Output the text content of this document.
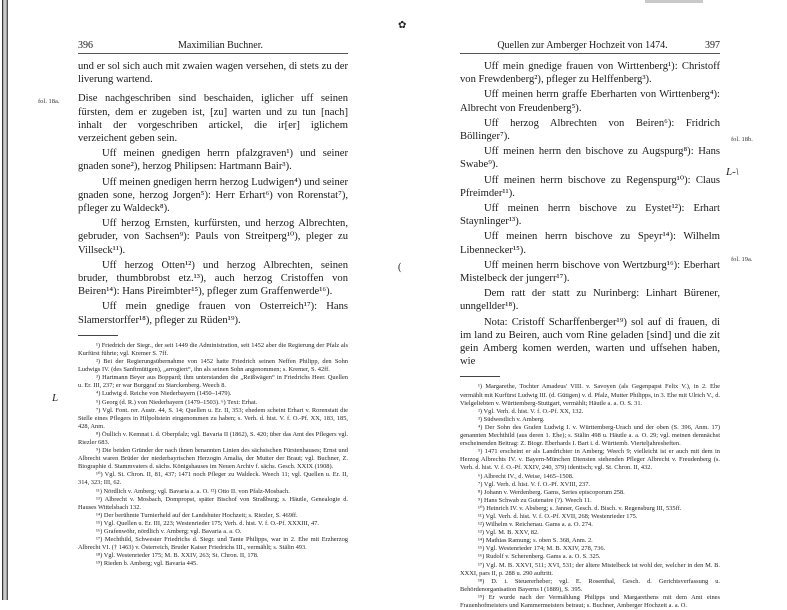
✿
(
396	Maximilian Buchner.

und er sol sich auch mit zwaien wagen versehen, di stets zu der liverung wartend.

Dise nachgeschriben sind beschaiden, iglicher uff seinen fürsten, dem er zugeben ist, [zu] warten und zu tun [nach] inhalt der vorgeschriben artickel, die ir[er] iglichem verzeichent geben sein.

Uff meinen gnedigen herrn pfalzgraven¹) und seiner gnaden sone²), herzog Philipsen: Hartmann Bair³).

Uff meinen gnedigen herrn herzog Ludwigen⁴) und seiner gnaden sone, herzog Jorgen⁵): Herr Erhart⁶) von Rorenstat⁷), pfleger zu Waldeck⁸).

Uff herzog Ernsten, kurfürsten, und herzog Albrechten, gebruder, von Sachsen⁹): Pauls von Streitperg¹⁰), pleger zu Villseck¹¹).

Uff herzog Otten¹²) und herzog Albrechten, seinen bruder, thumbbrobst etz.¹³), auch herzog Cristoffen von Beiren¹⁴): Hans Pireimbter¹⁵), pfleger zum Graffenwerde¹⁶).

Uff mein gnedige frauen von Osterreich¹⁷): Hans Slamerstorffer¹⁸), pfleger zu Rüden¹⁹).

¹) Friedrich der Siegr., der seit 1449 die Administration, seit 1452 aber die Regierung der Pfalz als Kurfürst führte; vgl. Kremer S. 7ff.

²) Bei der Regierungsübernahme von 1452 hatte Friedrich seinen Neffen Philipp, den Sohn Ludwigs IV. (des Sanftmütigen), „arrogiert“, ihn als seinen Sohn angenommen; s. Kremer, S. 42ff.

³) Hartmann Beyer aus Boppard; ihm unterstanden die „Reißwägen“ in Friedrichs Heer. Quellen u. Er. III, 237; er war Burggraf zu Starckenberg. Weech 8.

⁴) Ludwig d. Reiche von Niederbayern (1450–1479).

⁵) Georg (d. R.) von Niederbayern (1479–1503). ⁶) Text: Erhat.

⁷) Vgl. Font. rer. Austr. 44, S. 14; Quellen u. Er. II, 353; ehedem scheint Erhart v. Rorenstatt die Stelle eines Pflegers in Hilpoltstein eingenommen zu haben; s. Verh. d. hist. V. f. O.-Pf. XX, 183, 185, 428, Anm.

⁸) Öullich v. Kemnat i. d. Oberpfalz; vgl. Bavaria II (1862), S. 420; über das Amt des Pflegers vgl. Riezler 683.

⁹) Die beiden Gründer der nach ihnen benannten Linien des sächsischen Fürstenhauses; Ernst und Albrecht waren Brüder der niederbayrischen Herzogin Amalia, der Mutter der Braut; vgl. Buchner, Z. Biographie d. Stammvaters d. sächs. Königshauses im Neuen Archiv f. sächs. Gesch. XXIX (1908).

¹⁰) Vgl. St. Chron. II, 81, 437; 1471 noch Pfleger zu Waldeck. Weech 11; vgl. Quellen u. Er. II, 314, 323; III, 62.

¹¹) Nördlich v. Amberg; vgl. Bavaria a. a. O. ¹²) Otto II. von Pfalz-Mosbach.

¹³) Albrecht v. Mosbach, Dompropst, später Bischof von Straßburg; s. Häutle, Genealogie d. Hauses Wittelsbach 132.

¹⁴) Der berühmte Turnierheld auf der Landshuter Hochzeit; s. Riezler, S. 469ff.

¹⁵) Vgl. Quellen u. Er. III, 223; Westenrieder 175; Verh. d. hist. V. f. O.-Pf. XXXIII, 47.

¹⁶) Grafenwöhr, nördlich v. Amberg; vgl. Bavaria a. a. O.

¹⁷) Mechthild, Schwester Friedrichs d. Siegr. und Tante Philipps, war in 2. Ehe mit Erzherzog Albrecht VI. († 1463) v. Österreich, Bruder Kaiser Friedrichs III., vermählt; s. Stälin 493.

¹⁸) Vgl. Westenrieder 175; M. B. XXIV, 263; St. Chron. II, 178.

¹⁹) Rieden b. Amberg; vgl. Bavaria 445.

fol. 18a.
L
Quellen zur Amberger Hochzeit von 1474.	397

Uff mein gnedige frauen von Wirttenberg¹): Christoff von Frewdenberg²), pfleger zu Helffenberg³).

Uff meinen herrn graffe Eberharten von Wirttenberg⁴): Albrecht von Freudenberg⁵).

Uff herzog Albrechten von Beiren⁶): Fridrich Böllinger⁷).

Uff meinen herrn den bischove zu Augspurg⁸): Hans Swabe⁹).

Uff meinen herrn bischove zu Regenspurg¹⁰): Claus Pfreimder¹¹).

Uff meinen herrn bischove zu Eystet¹²): Erhart Staynlinger¹³).

Uff meinen herrn bischove zu Speyr¹⁴): Wilhelm Libennecker¹⁵).

Uff meinen herrn bischove von Wertzburg¹⁶): Eberhart Mistelbeck der jungerr¹⁷).

Dem ratt der statt zu Nurinberg: Linhart Bürener, unngellder¹⁸).

Nota: Cristoff Scharffenberger¹⁹) sol auf di frauen, di im land zu Beiren, auch vom Rine geladen [sind] und die zit gein Amberg komen werden, warten und uffsehen haben, wie

¹) Margarethe, Tochter Amadeus' VIII. v. Savoyen (als Gegenpapst Felix V.), in 2. Ehe vermählt mit Kurfürst Ludwig III. (d. Gütigen) v. d. Pfalz, Mutter Philipps, in 3. Ehe mit Ulrich V., d. Vielgeliebten v. Württemberg-Stuttgart, vermählt; Häutle a. a. O. S. 31.

²) Vgl. Verh. d. hist. V. f. O.-Pf. XX, 132.

³) Südwestlich v. Amberg.

⁴) Der Sohn des Grafen Ludwig I. v. Württemberg-Urach und der oben (S. 396, Anm. 17) genannten Mechthild (aus deren 1. Ehe); s. Stälin 498 u. Häutle a. a. O. 29; vgl. meinen demnächst erscheinenden Beitrag: Z. Biogr. Eberhards I. Bart i. d. Württemb. Vierteljahresheften.

⁵) 1471 erscheint er als Landrichter in Amberg; Weech 9; vielleicht ist er auch mit dem in Herzog Albrechts IV. v. Bayern-München Diensten stehenden Pfleger Albrecht v. Freudenberg (s. Verh. d. hist. V. f. O.-Pf. XXIV, 240, 379) identisch; vgl. St. Chron. II, 432.

⁶) Albrecht IV., d. Weise, 1465–1508.

⁷) Vgl. Verh. d. hist. V. f. O.-Pf. XVIII, 237.

⁸) Johann v. Werdenberg. Gams, Series episcoporum 258.

⁹) Hans Schwab zu Gutenaire (?). Weech 11.

¹⁰) Heinrich IV. v. Absberg; s. Janner, Gesch. d. Bisch. v. Regensburg III, 535ff.

¹¹) Vgl. Verh. d. hist. V. f. O.-Pf. XVII, 268; Westenrieder 175.

¹²) Wilhelm v. Reichenau. Gams a. a. O. 274.

¹³) Vgl. M. B. XXV, 82.

¹⁴) Mathias Ramung; s. oben S. 368, Anm. 2.

¹⁵) Vgl. Westenrieder 174; M. B. XXIV, 278, 736.

¹⁶) Rudolf v. Scherenberg. Gams a. a. O. S. 325.

¹⁷) Vgl. M. B. XXVI, 511; XVI, 531; der ältere Mistelbeck ist wohl der, welcher in den M. B. XXXI, pars II, p. 288 u. 290 auftritt.

¹⁸) D. i. Steuererheber; vgl. E. Rosenthal, Gesch. d. Gerichtsverfassung u. Behördenorganisation Bayerns I (1889), S. 395.

¹⁹) Er wurde nach der Vermählung Philipps und Margarethens mit dem Amt eines Frauenhofmeisters und Kammermeisters betraut; s. Buchner, Amberger Hochzeit a. a. O.

fol. 18b.
fol. 19a.
L-\
